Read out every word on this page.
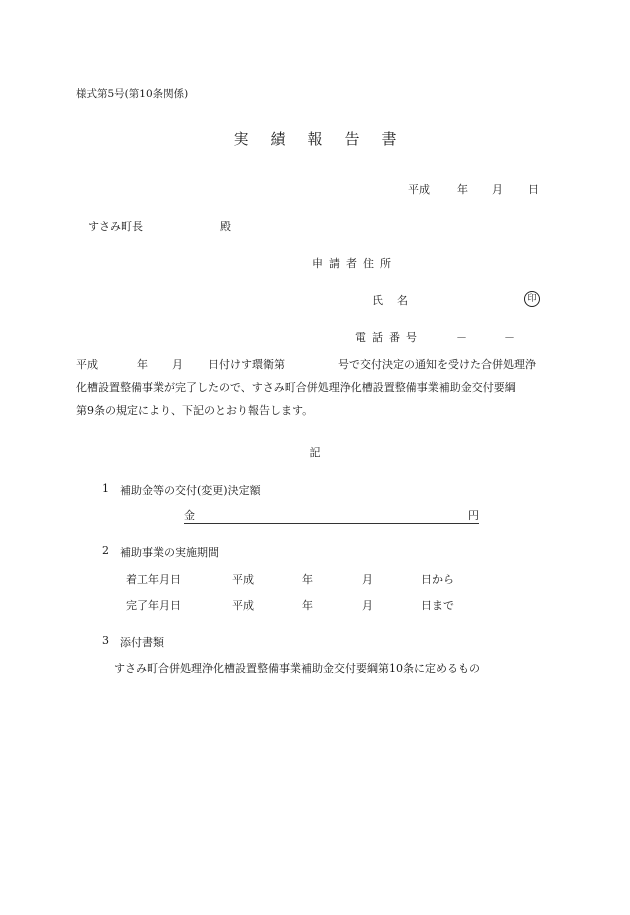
様式第5号(第10条関係)
実績報告書
平成 年 月 日
すさみ町長	殿
申請者住所
氏名	印
電話番号	－	－
平成	年 月 日付けす環衛第	号で交付決定の通知を受けた合併処理浄
化槽設置整備事業が完了したので、すさみ町合併処理浄化槽設置整備事業補助金交付要綱
第9条の規定により、下記のとおり報告します。
記
1 補助金等の交付(変更)決定額
金	円
2 補助事業の実施期間
着工年月日	平成	年	月	日から
完了年月日	平成	年	月	日まで
3 添付書類
すさみ町合併処理浄化槽設置整備事業補助金交付要綱第10条に定めるもの
